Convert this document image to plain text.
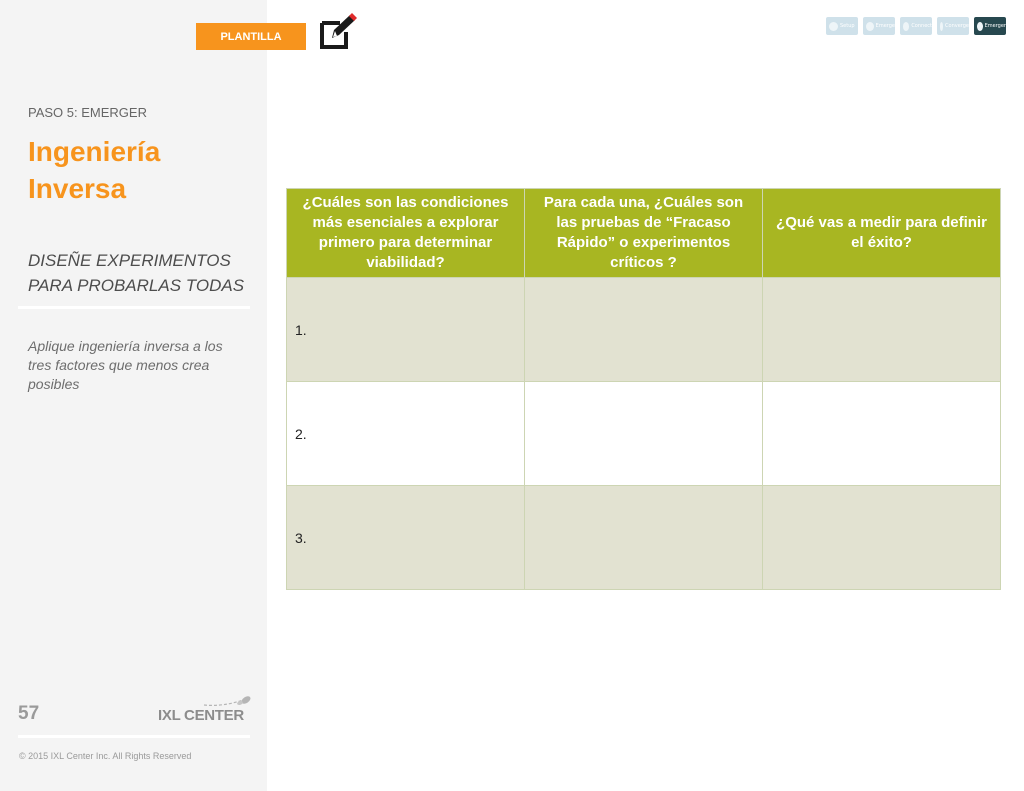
PLANTILLA
Setup	Emerge	Connect	Converge	Emerger
PASO 5: EMERGER
Ingeniería Inversa
DISEÑE EXPERIMENTOS PARA PROBARLAS TODAS
Aplique ingeniería inversa a los tres factores que menos crea posibles
57	IXL CENTER
© 2015 IXL Center Inc. All Rights Reserved
¿Cuáles son las condiciones más esenciales a explorar primero para determinar viabilidad?	Para cada una, ¿Cuáles son las pruebas de “Fracaso Rápido” o experimentos críticos ?	¿Qué vas a medir para definir el éxito?
1.		
2.		
3.		
